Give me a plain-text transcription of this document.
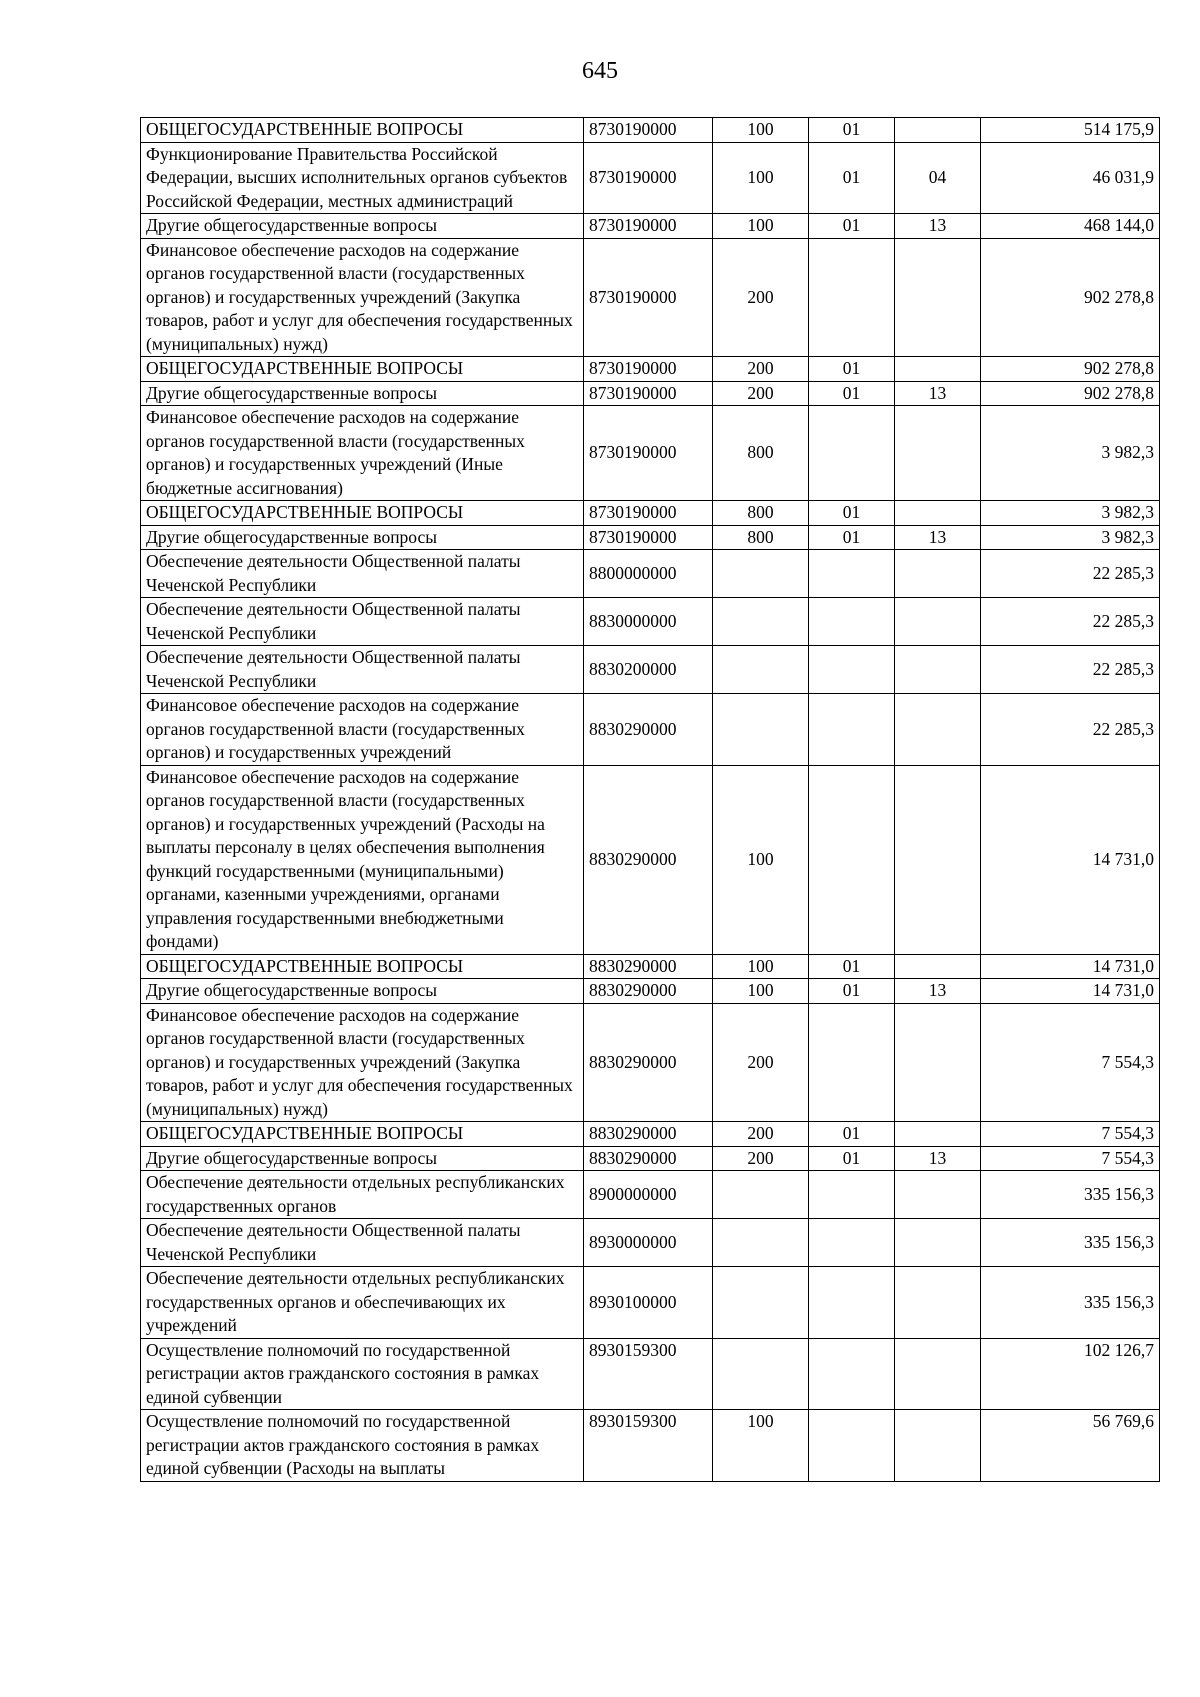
645
ОБЩЕГОСУДАРСТВЕННЫЕ ВОПРОСЫ	8730190000	100	01		514 175,9
Функционирование Правительства Российской Федерации, высших исполнительных органов субъектов Российской Федерации, местных администраций	8730190000	100	01	04	46 031,9
Другие общегосударственные вопросы	8730190000	100	01	13	468 144,0
Финансовое обеспечение расходов на содержание органов государственной власти (государственных органов) и государственных учреждений (Закупка товаров, работ и услуг для обеспечения государственных (муниципальных) нужд)	8730190000	200			902 278,8
ОБЩЕГОСУДАРСТВЕННЫЕ ВОПРОСЫ	8730190000	200	01		902 278,8
Другие общегосударственные вопросы	8730190000	200	01	13	902 278,8
Финансовое обеспечение расходов на содержание органов государственной власти (государственных органов) и государственных учреждений (Иные бюджетные ассигнования)	8730190000	800			3 982,3
ОБЩЕГОСУДАРСТВЕННЫЕ ВОПРОСЫ	8730190000	800	01		3 982,3
Другие общегосударственные вопросы	8730190000	800	01	13	3 982,3
Обеспечение деятельности Общественной палаты Чеченской Республики	8800000000				22 285,3
Обеспечение деятельности Общественной палаты Чеченской Республики	8830000000				22 285,3
Обеспечение деятельности Общественной палаты Чеченской Республики	8830200000				22 285,3
Финансовое обеспечение расходов на содержание органов государственной власти (государственных органов) и государственных учреждений	8830290000				22 285,3
Финансовое обеспечение расходов на содержание органов государственной власти (государственных органов) и государственных учреждений (Расходы на выплаты персоналу в целях обеспечения выполнения функций государственными (муниципальными) органами, казенными учреждениями, органами управления государственными внебюджетными фондами)	8830290000	100			14 731,0
ОБЩЕГОСУДАРСТВЕННЫЕ ВОПРОСЫ	8830290000	100	01		14 731,0
Другие общегосударственные вопросы	8830290000	100	01	13	14 731,0
Финансовое обеспечение расходов на содержание органов государственной власти (государственных органов) и государственных учреждений (Закупка товаров, работ и услуг для обеспечения государственных (муниципальных) нужд)	8830290000	200			7 554,3
ОБЩЕГОСУДАРСТВЕННЫЕ ВОПРОСЫ	8830290000	200	01		7 554,3
Другие общегосударственные вопросы	8830290000	200	01	13	7 554,3
Обеспечение деятельности отдельных республиканских государственных органов	8900000000				335 156,3
Обеспечение деятельности Общественной палаты Чеченской Республики	8930000000				335 156,3
Обеспечение деятельности отдельных республиканских государственных органов и обеспечивающих их учреждений	8930100000				335 156,3
Осуществление полномочий по государственной регистрации актов гражданского состояния в рамках единой субвенции	8930159300				102 126,7
Осуществление полномочий по государственной регистрации актов гражданского состояния в рамках единой субвенции (Расходы на выплаты	8930159300	100			56 769,6
